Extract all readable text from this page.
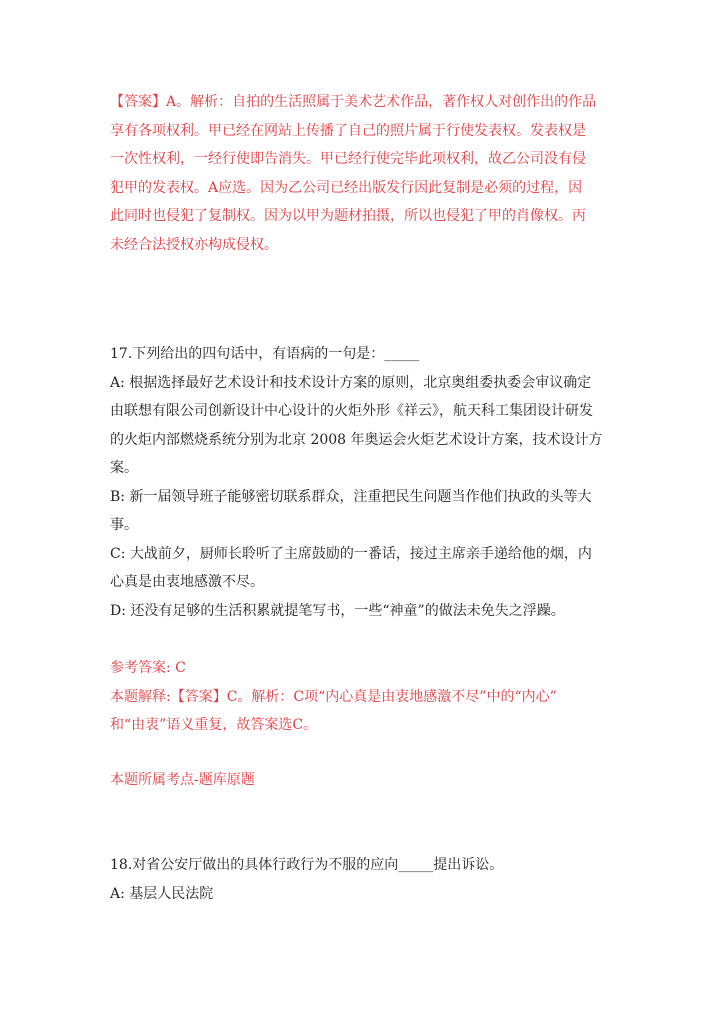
【答案】A。解析：自拍的生活照属于美术艺术作品，著作权人对创作出的作品
享有各项权利。甲已经在网站上传播了自己的照片属于行使发表权。发表权是
一次性权利，一经行使即告消失。甲已经行使完毕此项权利，故乙公司没有侵
犯甲的发表权。A应选。因为乙公司已经出版发行因此复制是必须的过程，因
此同时也侵犯了复制权。因为以甲为题材拍摄，所以也侵犯了甲的肖像权。丙
未经合法授权亦构成侵权。
17.下列给出的四句话中，有语病的一句是：_____
A: 根据选择最好艺术设计和技术设计方案的原则，北京奥组委执委会审议确定
由联想有限公司创新设计中心设计的火炬外形《祥云》，航天科工集团设计研发
的火炬内部燃烧系统分别为北京 2008 年奥运会火炬艺术设计方案，技术设计方
案。
B: 新一届领导班子能够密切联系群众，注重把民生问题当作他们执政的头等大
事。
C: 大战前夕，厨师长聆听了主席鼓励的一番话，接过主席亲手递给他的烟，内
心真是由衷地感激不尽。
D: 还没有足够的生活积累就提笔写书，一些“神童”的做法未免失之浮躁。
参考答案: C
本题解释:【答案】C。解析：C项“内心真是由衷地感激不尽”中的“内心”
和“由衷”语义重复，故答案选C。
本题所属考点-题库原题
18.对省公安厅做出的具体行政行为不服的应向_____提出诉讼。
A: 基层人民法院
